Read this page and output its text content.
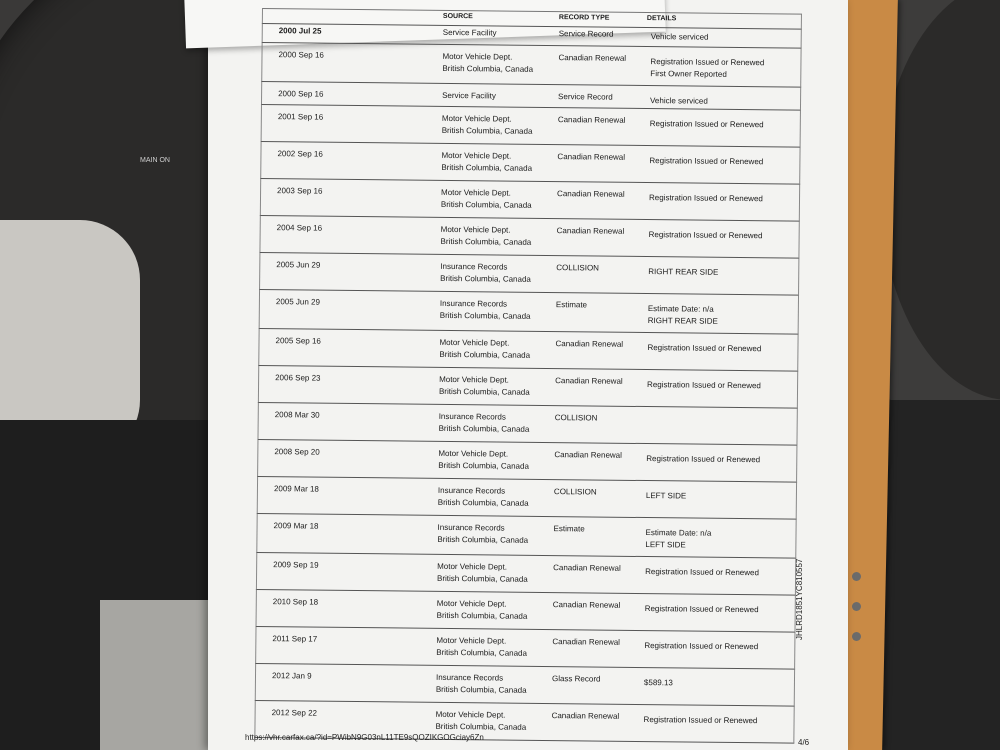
MAIN ON
SOURCE	RECORD TYPE	DETAILS
2000 Jul 25	Service Facility	Service Record	Vehicle serviced
2000 Sep 16	Motor Vehicle Dept.
British Columbia, Canada
Canadian Renewal	Registration Issued or Renewed
First Owner Reported
2000 Sep 16	Service Facility	Service Record	Vehicle serviced
2001 Sep 16	Motor Vehicle Dept.
British Columbia, Canada
Canadian Renewal	Registration Issued or Renewed
2002 Sep 16	Motor Vehicle Dept.
British Columbia, Canada
Canadian Renewal	Registration Issued or Renewed
2003 Sep 16	Motor Vehicle Dept.
British Columbia, Canada
Canadian Renewal	Registration Issued or Renewed
2004 Sep 16	Motor Vehicle Dept.
British Columbia, Canada
Canadian Renewal	Registration Issued or Renewed
2005 Jun 29	Insurance Records
British Columbia, Canada
COLLISION	RIGHT REAR SIDE
2005 Jun 29	Insurance Records
British Columbia, Canada
Estimate	Estimate Date: n/a
RIGHT REAR SIDE
2005 Sep 16	Motor Vehicle Dept.
British Columbia, Canada
Canadian Renewal	Registration Issued or Renewed
2006 Sep 23	Motor Vehicle Dept.
British Columbia, Canada
Canadian Renewal	Registration Issued or Renewed
2008 Mar 30	Insurance Records
British Columbia, Canada
COLLISION
2008 Sep 20	Motor Vehicle Dept.
British Columbia, Canada
Canadian Renewal	Registration Issued or Renewed
2009 Mar 18	Insurance Records
British Columbia, Canada
COLLISION	LEFT SIDE
2009 Mar 18	Insurance Records
British Columbia, Canada
Estimate	Estimate Date: n/a
LEFT SIDE
2009 Sep 19	Motor Vehicle Dept.
British Columbia, Canada
Canadian Renewal	Registration Issued or Renewed
2010 Sep 18	Motor Vehicle Dept.
British Columbia, Canada
Canadian Renewal	Registration Issued or Renewed
2011 Sep 17	Motor Vehicle Dept.
British Columbia, Canada
Canadian Renewal	Registration Issued or Renewed
2012 Jan 9	Insurance Records
British Columbia, Canada
Glass Record	$589.13
2012 Sep 22	Motor Vehicle Dept.
British Columbia, Canada
Canadian Renewal	Registration Issued or Renewed
https://vhr.carfax.ca/?id=PWibN9G03nL11TE9sQOZIKGOGciay6Zn
4/6
JHLRD1851YC810557
